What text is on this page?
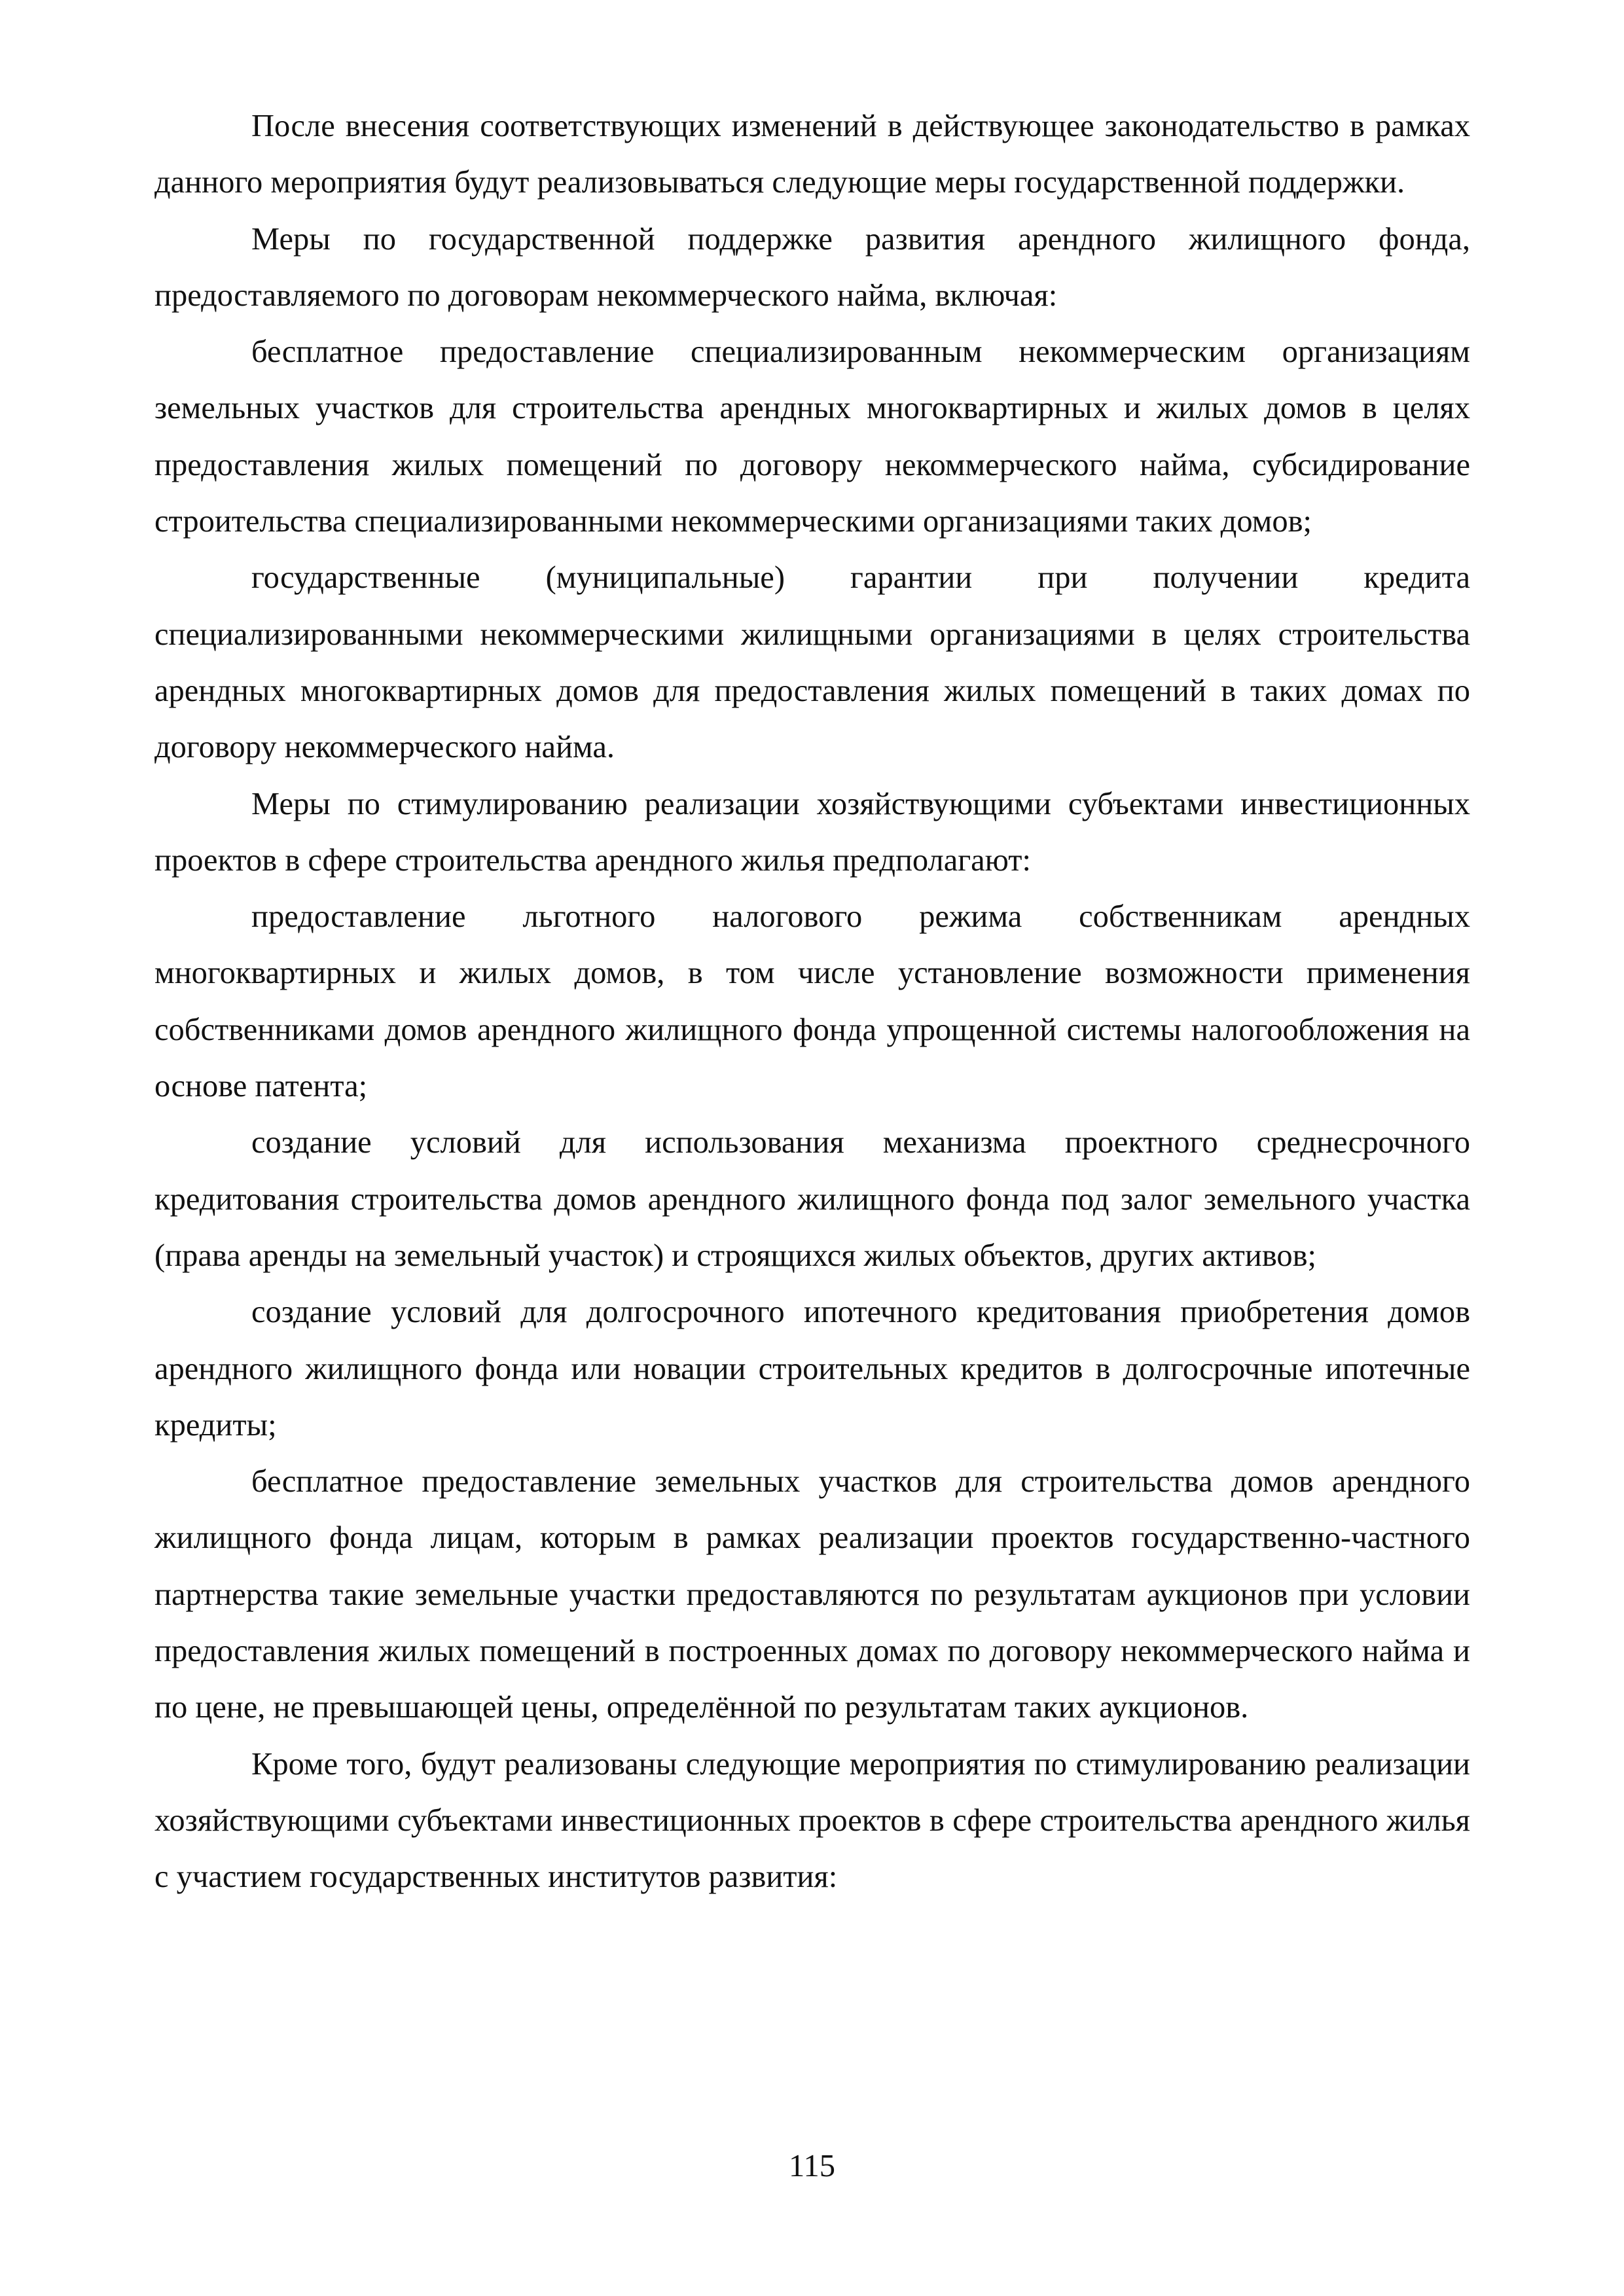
После внесения соответствующих изменений в действующее законодательство в рамках данного мероприятия будут реализовываться следующие меры государственной поддержки.

Меры по государственной поддержке развития арендного жилищного фонда, предоставляемого по договорам некоммерческого найма, включая:

бесплатное предоставление специализированным некоммерческим организациям земельных участков для строительства арендных многоквартирных и жилых домов в целях предоставления жилых помещений по договору некоммерческого найма, субсидирование строительства специализированными некоммерческими организациями таких домов;

государственные (муниципальные) гарантии при получении кредита специализированными некоммерческими жилищными организациями в целях строительства арендных многоквартирных домов для предоставления жилых помещений в таких домах по договору некоммерческого найма.

Меры по стимулированию реализации хозяйствующими субъектами инвестиционных проектов в сфере строительства арендного жилья предполагают:

предоставление льготного налогового режима собственникам арендных многоквартирных и жилых домов, в том числе установление возможности применения собственниками домов арендного жилищного фонда упрощенной системы налогообложения на основе патента;

создание условий для использования механизма проектного среднесрочного кредитования строительства домов арендного жилищного фонда под залог земельного участка (права аренды на земельный участок) и строящихся жилых объектов, других активов;

создание условий для долгосрочного ипотечного кредитования приобретения домов арендного жилищного фонда или новации строительных кредитов в долгосрочные ипотечные кредиты;

бесплатное предоставление земельных участков для строительства домов арендного жилищного фонда лицам, которым в рамках реализации проектов государственно-частного партнерства такие земельные участки предоставляются по результатам аукционов при условии предоставления жилых помещений в построенных домах по договору некоммерческого найма и по цене, не превышающей цены, определённой по результатам таких аукционов.

Кроме того, будут реализованы следующие мероприятия по стимулированию реализации хозяйствующими субъектами инвестиционных проектов в сфере строительства арендного жилья с участием государственных институтов развития:

115
